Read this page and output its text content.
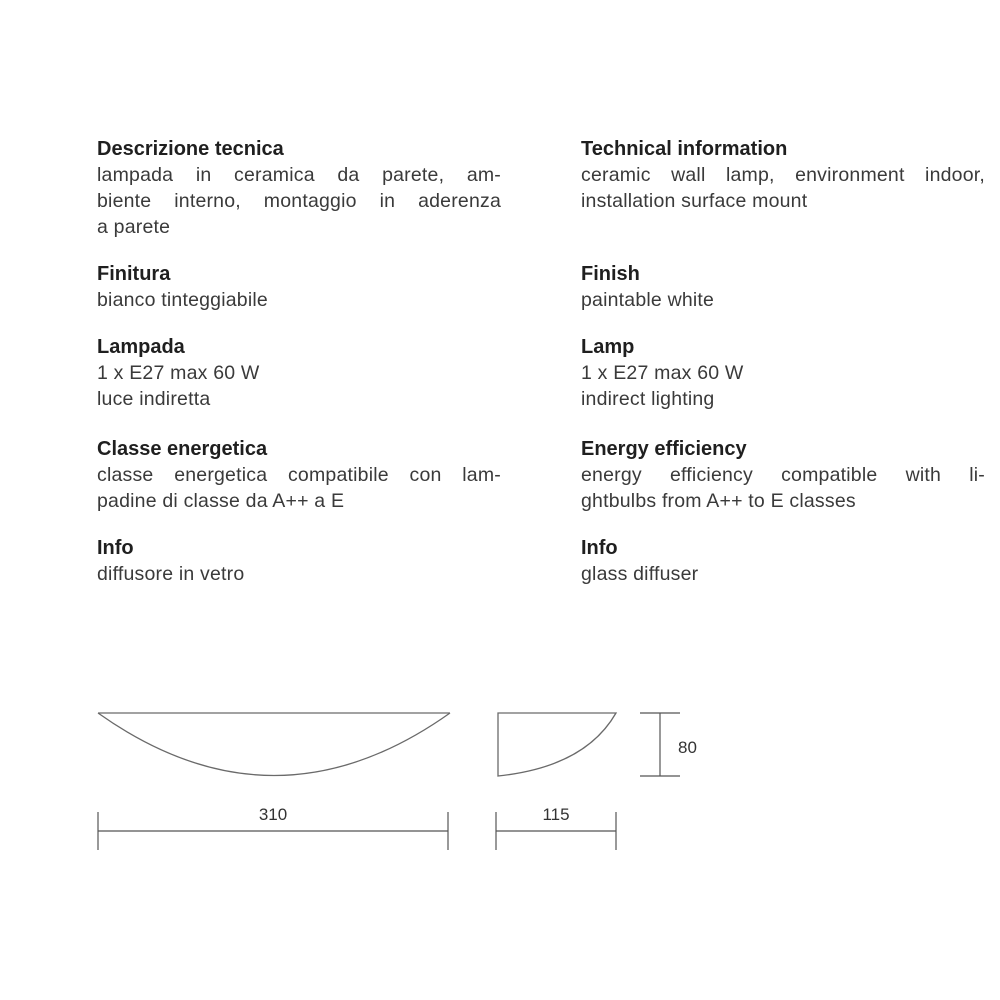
Descrizione tecnica

lampada in ceramica da parete, am-
biente interno, montaggio in aderenza
a parete

Finitura

bianco tinteggiabile

Lampada

1 x E27 max 60 W
luce indiretta

Classe energetica

classe energetica compatibile con lam-
padine di classe da A++ a E

Info

diffusore in vetro

Technical information

ceramic wall lamp, environment indoor,
installation surface mount

Finish

paintable white

Lamp

1 x E27 max 60 W
indirect lighting

Energy efficiency

energy efficiency compatible with li-
ghtbulbs from A++ to E classes

Info

glass diffuser

310	115
80
